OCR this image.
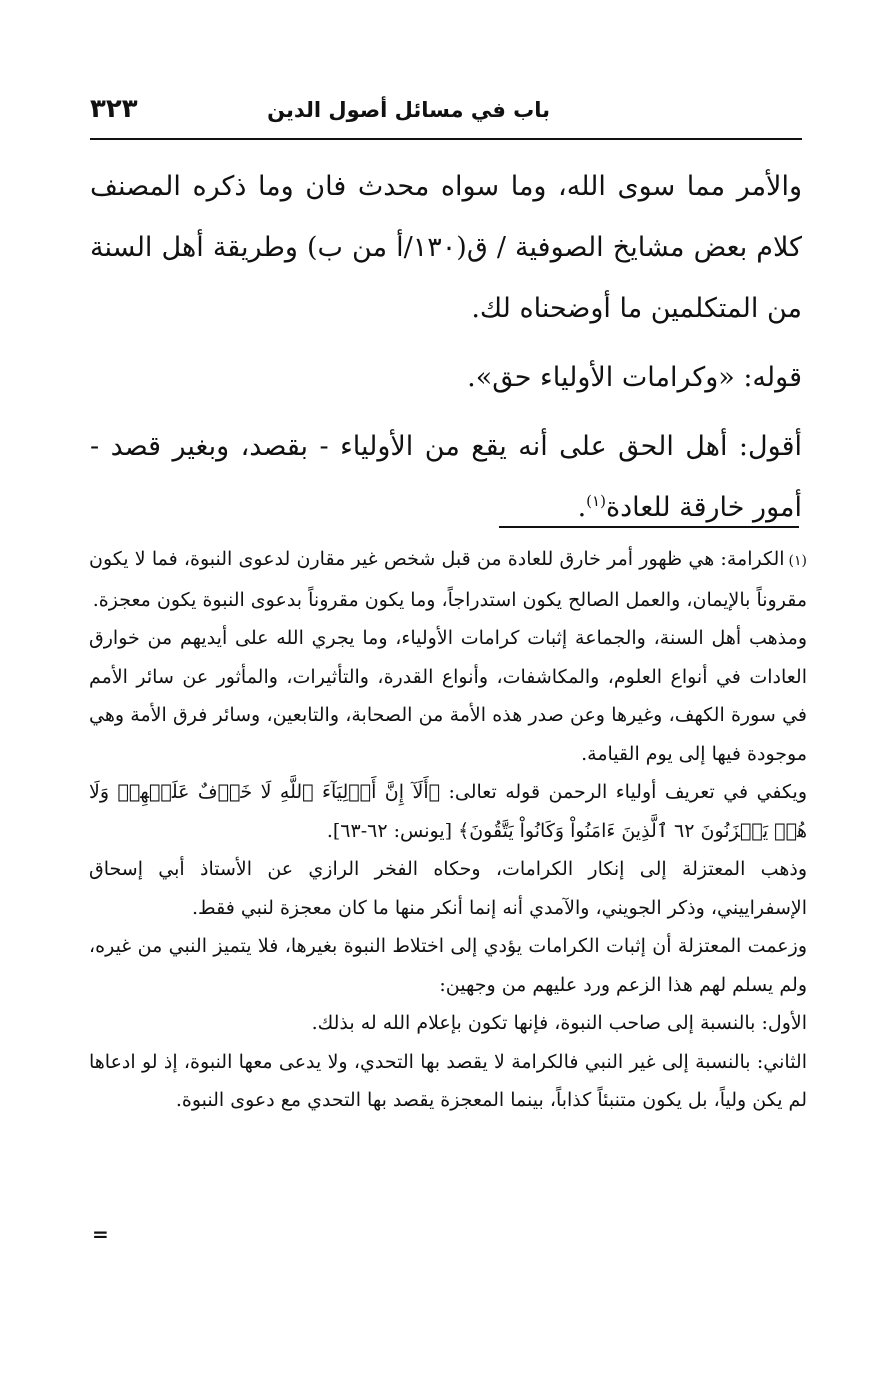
باب في مسائل أصول الدين
٣٢٣

والأمر مما سوى الله، وما سواه محدث فان وما ذكره المصنف كلام بعض مشايخ الصوفية / ق(١٣٠/أ من ب) وطريقة أهل السنة من المتكلمين ما أوضحناه لك.

قوله: «وكرامات الأولياء حق».

أقول: أهل الحق على أنه يقع من الأولياء - بقصد، وبغير قصد - أمور خارقة للعادة$^{(١)}$.

(١)الكرامة: هي ظهور أمر خارق للعادة من قبل شخص غير مقارن لدعوى النبوة، فما لا يكون مقروناً بالإيمان، والعمل الصالح يكون استدراجاً، وما يكون مقروناً بدعوى النبوة يكون معجزة.

ومذهب أهل السنة، والجماعة إثبات كرامات الأولياء، وما يجري الله على أيديهم من خوارق العادات في أنواع العلوم، والمكاشفات، وأنواع القدرة، والتأثيرات، والمأثور عن سائر الأمم في سورة الكهف، وغيرها وعن صدر هذه الأمة من الصحابة، والتابعين، وسائر فرق الأمة وهي موجودة فيها إلى يوم القيامة.

ويكفي في تعريف أولياء الرحمن قوله تعالى: ﴿أَلَآ إِنَّ أَوۡلِيَآءَ ٱللَّهِ لَا خَوۡفٌ عَلَيۡهِمۡ وَلَا هُمۡ يَحۡزَنُونَ ٦٢ ٱلَّذِينَ ءَامَنُواْ وَكَانُواْ يَتَّقُونَ﴾ [يونس: ٦٢-٦٣].

وذهب المعتزلة إلى إنكار الكرامات، وحكاه الفخر الرازي عن الأستاذ أبي إسحاق الإسفراييني، وذكر الجويني، والآمدي أنه إنما أنكر منها ما كان معجزة لنبي فقط.

وزعمت المعتزلة أن إثبات الكرامات يؤدي إلى اختلاط النبوة بغيرها، فلا يتميز النبي من غيره، ولم يسلم لهم هذا الزعم ورد عليهم من وجهين:

الأول: بالنسبة إلى صاحب النبوة، فإنها تكون بإعلام الله له بذلك.

الثاني: بالنسبة إلى غير النبي فالكرامة لا يقصد بها التحدي، ولا يدعى معها النبوة، إذ لو ادعاها لم يكن ولياً، بل يكون متنبئاً كذاباً، بينما المعجزة يقصد بها التحدي مع دعوى النبوة.

=
